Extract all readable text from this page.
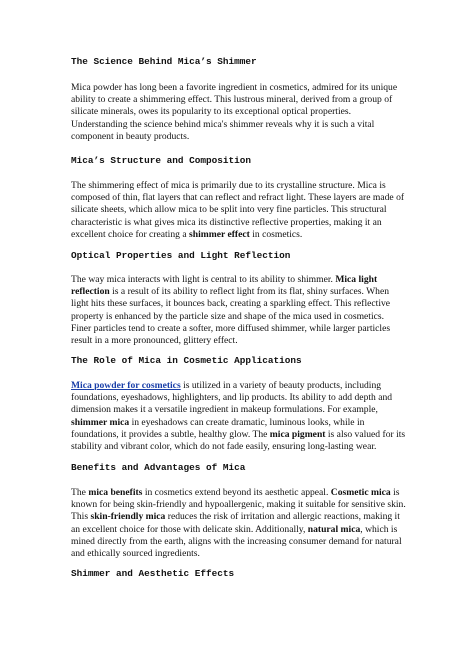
The Science Behind Mica’s Shimmer

Mica powder has long been a favorite ingredient in cosmetics, admired for its unique ability to create a shimmering effect. This lustrous mineral, derived from a group of silicate minerals, owes its popularity to its exceptional optical properties. Understanding the science behind mica's shimmer reveals why it is such a vital component in beauty products.

Mica’s Structure and Composition

The shimmering effect of mica is primarily due to its crystalline structure. Mica is composed of thin, flat layers that can reflect and refract light. These layers are made of silicate sheets, which allow mica to be split into very fine particles. This structural characteristic is what gives mica its distinctive reflective properties, making it an excellent choice for creating a shimmer effect in cosmetics.

Optical Properties and Light Reflection

The way mica interacts with light is central to its ability to shimmer. Mica light reflection is a result of its ability to reflect light from its flat, shiny surfaces. When light hits these surfaces, it bounces back, creating a sparkling effect. This reflective property is enhanced by the particle size and shape of the mica used in cosmetics. Finer particles tend to create a softer, more diffused shimmer, while larger particles result in a more pronounced, glittery effect.

The Role of Mica in Cosmetic Applications

Mica powder for cosmetics is utilized in a variety of beauty products, including foundations, eyeshadows, highlighters, and lip products. Its ability to add depth and dimension makes it a versatile ingredient in makeup formulations. For example, shimmer mica in eyeshadows can create dramatic, luminous looks, while in foundations, it provides a subtle, healthy glow. The mica pigment is also valued for its stability and vibrant color, which do not fade easily, ensuring long-lasting wear.

Benefits and Advantages of Mica

The mica benefits in cosmetics extend beyond its aesthetic appeal. Cosmetic mica is known for being skin-friendly and hypoallergenic, making it suitable for sensitive skin. This skin-friendly mica reduces the risk of irritation and allergic reactions, making it an excellent choice for those with delicate skin. Additionally, natural mica, which is mined directly from the earth, aligns with the increasing consumer demand for natural and ethically sourced ingredients.

Shimmer and Aesthetic Effects
